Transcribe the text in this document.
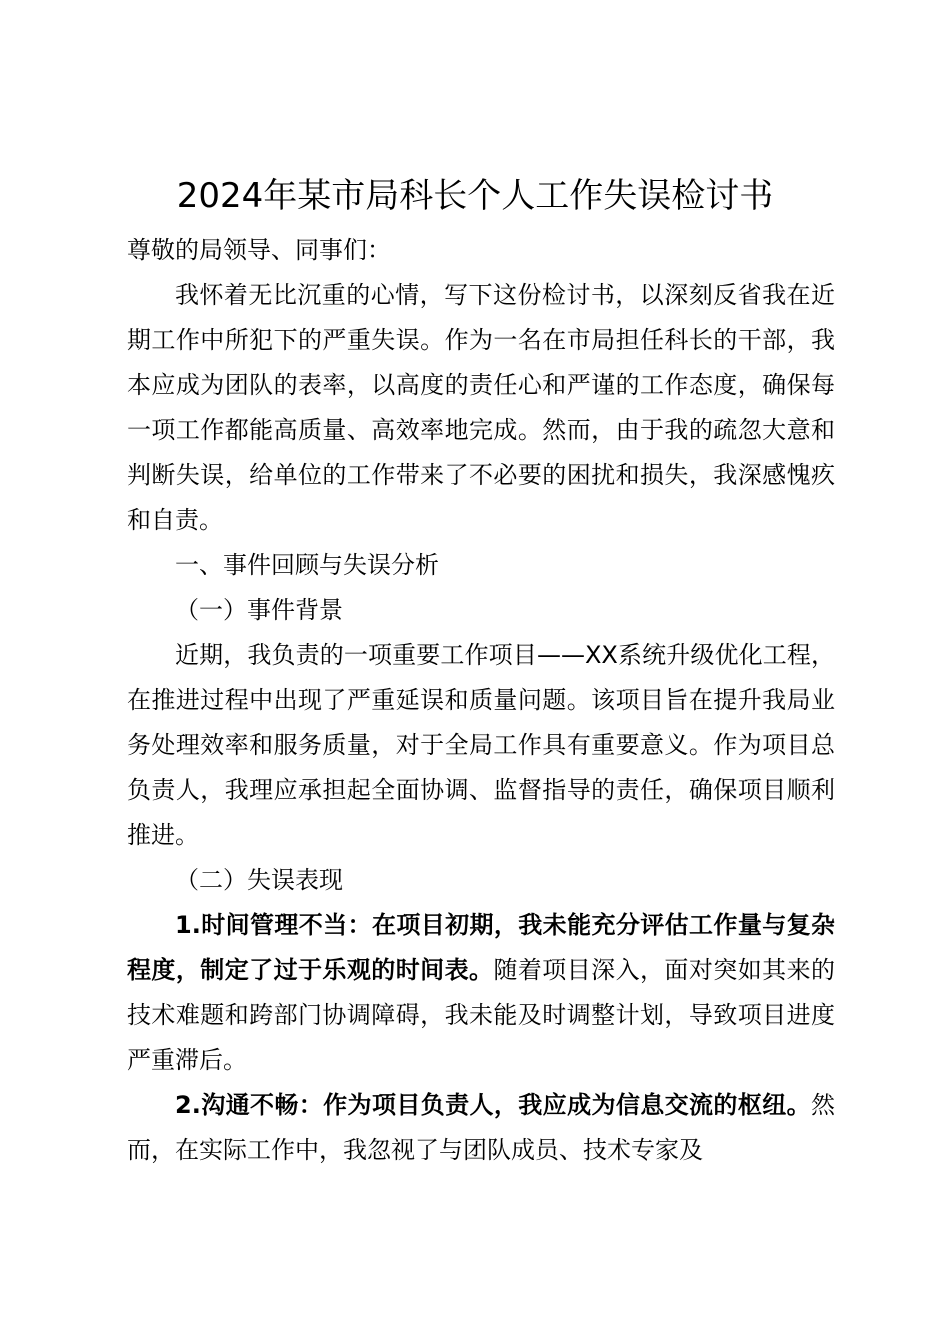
2024年某市局科长个人工作失误检讨书

尊敬的局领导、同事们：

我怀着无比沉重的心情，写下这份检讨书，以深刻反省我在近期工作中所犯下的严重失误。作为一名在市局担任科长的干部，我本应成为团队的表率，以高度的责任心和严谨的工作态度，确保每一项工作都能高质量、高效率地完成。然而，由于我的疏忽大意和判断失误，给单位的工作带来了不必要的困扰和损失，我深感愧疚和自责。

一、事件回顾与失误分析

（一）事件背景

近期，我负责的一项重要工作项目——XX系统升级优化工程，在推进过程中出现了严重延误和质量问题。该项目旨在提升我局业务处理效率和服务质量，对于全局工作具有重要意义。作为项目总负责人，我理应承担起全面协调、监督指导的责任，确保项目顺利推进。

（二）失误表现

1.时间管理不当：在项目初期，我未能充分评估工作量与复杂程度，制定了过于乐观的时间表。随着项目深入，面对突如其来的技术难题和跨部门协调障碍，我未能及时调整计划，导致项目进度严重滞后。

2.沟通不畅：作为项目负责人，我应成为信息交流的枢纽。然而，在实际工作中，我忽视了与团队成员、技术专家及
